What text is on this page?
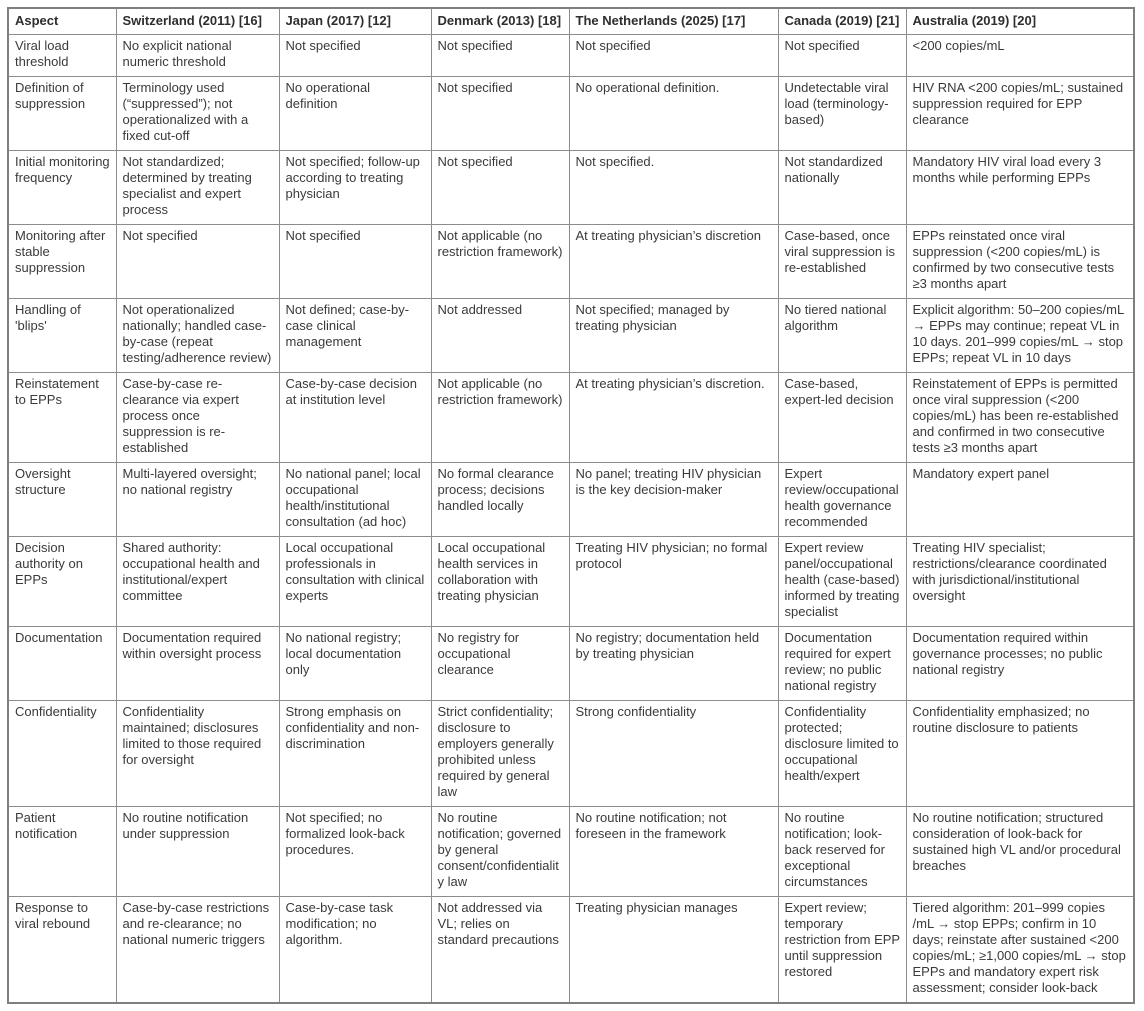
Aspect	Switzerland (2011) [16]	Japan (2017) [12]	Denmark (2013) [18]	The Netherlands (2025) [17]	Canada (2019) [21]	Australia (2019) [20]
Viral load threshold	No explicit national numeric threshold	Not specified	Not specified	Not specified	Not specified	<200 copies/mL
Definition of suppression	Terminology used (“suppressed”); not operationalized with a fixed cut-off	No operational definition	Not specified	No operational definition.	Undetectable viral load (terminology-based)	HIV RNA <200 copies/mL; sustained suppression required for EPP clearance
Initial monitoring frequency	Not standardized; determined by treating specialist and expert process	Not specified; follow-up according to treating physician	Not specified	Not specified.	Not standardized nationally	Mandatory HIV viral load every 3 months while performing EPPs
Monitoring after stable suppression	Not specified	Not specified	Not applicable (no restriction framework)	At treating physician’s discretion	Case-based, once viral suppression is re-established	EPPs reinstated once viral suppression (<200 copies/mL) is confirmed by two consecutive tests ≥3 months apart
Handling of 'blips'	Not operationalized nationally; handled case-by-case (repeat testing/adherence review)	Not defined; case-by-case clinical management	Not addressed	Not specified; managed by treating physician	No tiered national algorithm	Explicit algorithm: 50–200 copies/mL → EPPs may continue; repeat VL in 10 days. 201–999 copies/mL → stop EPPs; repeat VL in 10 days
Reinstatement to EPPs	Case-by-case re-clearance via expert process once suppression is re-established	Case-by-case decision at institution level	Not applicable (no restriction framework)	At treating physician’s discretion.	Case-based, expert-led decision	Reinstatement of EPPs is permitted once viral suppression (<200 copies/mL) has been re-established and confirmed in two consecutive tests ≥3 months apart
Oversight structure	Multi-layered oversight; no national registry	No national panel; local occupational health/institutional consultation (ad hoc)	No formal clearance process; decisions handled locally	No panel; treating HIV physician is the key decision-maker	Expert review/occupational health governance recommended	Mandatory expert panel
Decision authority on EPPs	Shared authority: occupational health and institutional/expert committee	Local occupational professionals in consultation with clinical experts	Local occupational health services in collaboration with treating physician	Treating HIV physician; no formal protocol	Expert review panel/occupational health (case-based) informed by treating specialist	Treating HIV specialist; restrictions/clearance coordinated with jurisdictional/institutional oversight
Documentation	Documentation required within oversight process	No national registry; local documentation only	No registry for occupational clearance	No registry; documentation held by treating physician	Documentation required for expert review; no public national registry	Documentation required within governance processes; no public national registry
Confidentiality	Confidentiality maintained; disclosures limited to those required for oversight	Strong emphasis on confidentiality and non-discrimination	Strict confidentiality; disclosure to employers generally prohibited unless required by general law	Strong confidentiality	Confidentiality protected; disclosure limited to occupational health/expert	Confidentiality emphasized; no routine disclosure to patients
Patient notification	No routine notification under suppression	Not specified; no formalized look-back procedures.	No routine notification; governed by general consent/confidentiality law	No routine notification; not foreseen in the framework	No routine notification; look-back reserved for exceptional circumstances	No routine notification; structured consideration of look-back for sustained high VL and/or procedural breaches
Response to viral rebound	Case-by-case restrictions and re-clearance; no national numeric triggers	Case-by-case task modification; no algorithm.	Not addressed via VL; relies on standard precautions	Treating physician manages	Expert review; temporary restriction from EPP until suppression restored	Tiered algorithm: 201–999 copies /mL → stop EPPs; confirm in 10 days; reinstate after sustained <200 copies/mL; ≥1,000 copies/mL → stop EPPs and mandatory expert risk assessment; consider look-back
